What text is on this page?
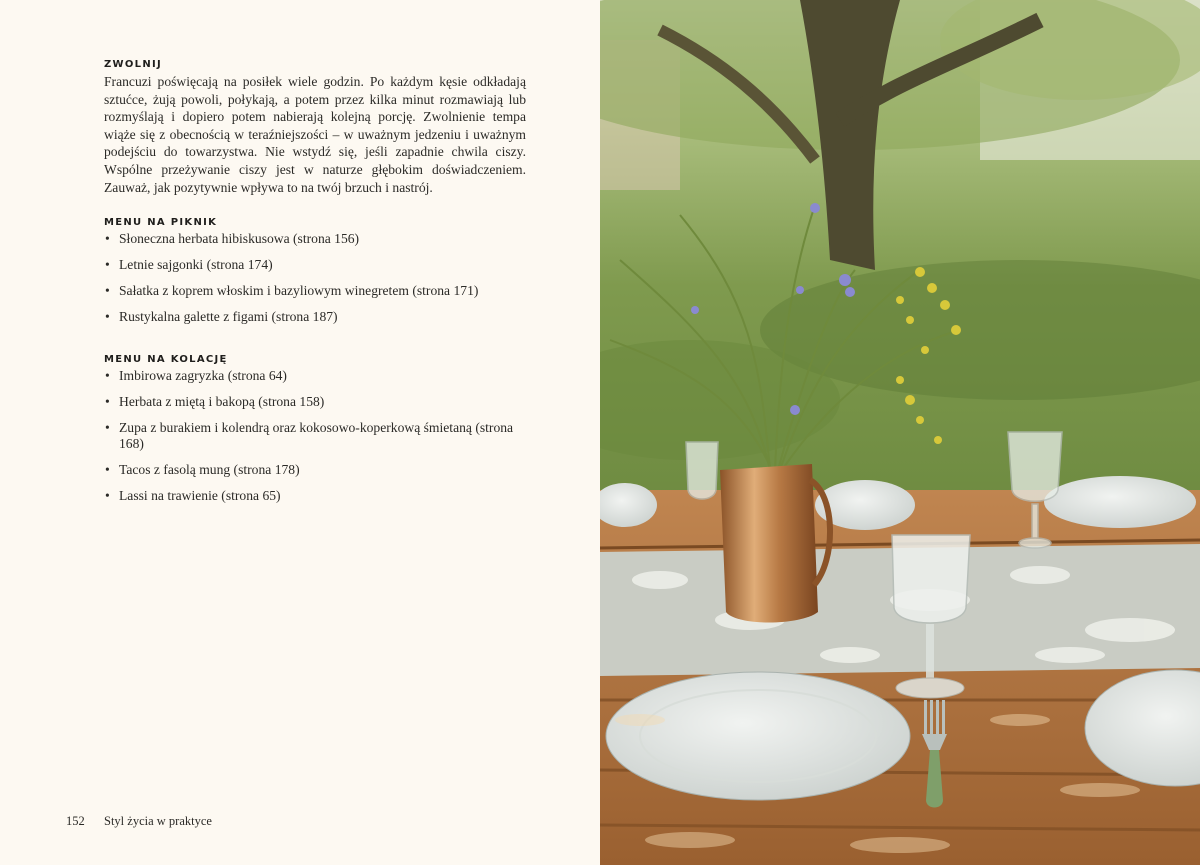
ZWOLNIJ

Francuzi poświęcają na posiłek wiele godzin. Po każdym kęsie odkładają sztućce, żują powoli, połykają, a potem przez kilka minut rozmawiają lub rozmyślają i dopiero potem nabierają kolejną porcję. Zwolnienie tempa wiąże się z obecnością w teraźniejszości – w uważnym jedzeniu i uważnym podejściu do towarzystwa. Nie wstydź się, jeśli zapadnie chwila ciszy. Wspólne przeżywanie ciszy jest w naturze głębokim doświadczeniem. Zauważ, jak pozytywnie wpływa to na twój brzuch i nastrój.

MENU NA PIKNIK
• Słoneczna herbata hibiskusowa (strona 156)
• Letnie sajgonki (strona 174)
• Sałatka z koprem włoskim i bazyliowym winegretem (strona 171)
• Rustykalna galette z figami (strona 187)
MENU NA KOLACJĘ
• Imbirowa zagryzka (strona 64)
• Herbata z miętą i bakopą (strona 158)
• Zupa z burakiem i kolendrą oraz kokosowo-koperkową śmietaną (strona 168)
• Tacos z fasolą mung (strona 178)
• Lassi na trawienie (strona 65)
152 Styl życia w praktyce
